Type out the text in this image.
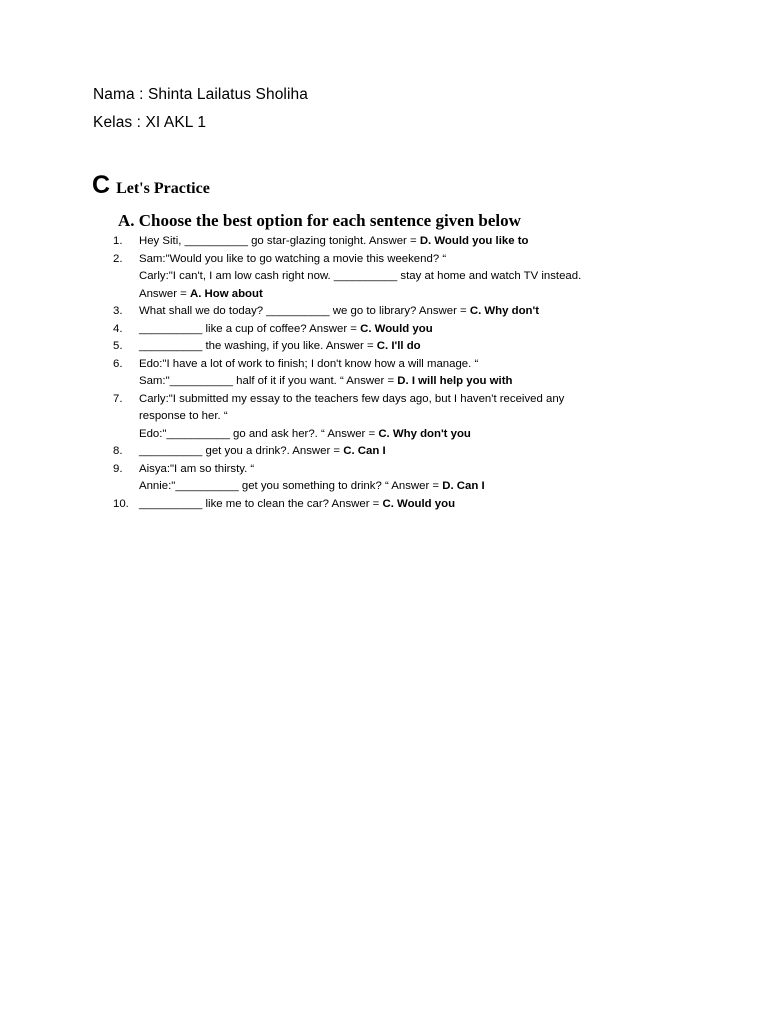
Nama : Shinta Lailatus Sholiha
Kelas : XI AKL 1
C Let's Practice
A. Choose the best option for each sentence given below
1.	Hey Siti, __________ go star-glazing tonight. Answer = D. Would you like to
2.	Sam:"Would you like to go watching a movie this weekend? “
Carly:"I can't, I am low cash right now. __________ stay at home and watch TV instead.
Answer = A. How about
3.	What shall we do today? __________ we go to library? Answer = C. Why don't
4.	__________ like a cup of coffee? Answer = C. Would you
5.	__________ the washing, if you like. Answer = C. I'll do
6.	Edo:"I have a lot of work to finish; I don't know how a will manage. “
Sam:"__________ half of it if you want. “ Answer = D. I will help you with
7.	Carly:"I submitted my essay to the teachers few days ago, but I haven't received any
response to her. “
Edo:"__________ go and ask her?. “ Answer = C. Why don't you
8.	__________ get you a drink?. Answer = C. Can I
9.	Aisya:"I am so thirsty. “
Annie:"__________ get you something to drink? “ Answer = D. Can I
10. __________ like me to clean the car? Answer = C. Would you
